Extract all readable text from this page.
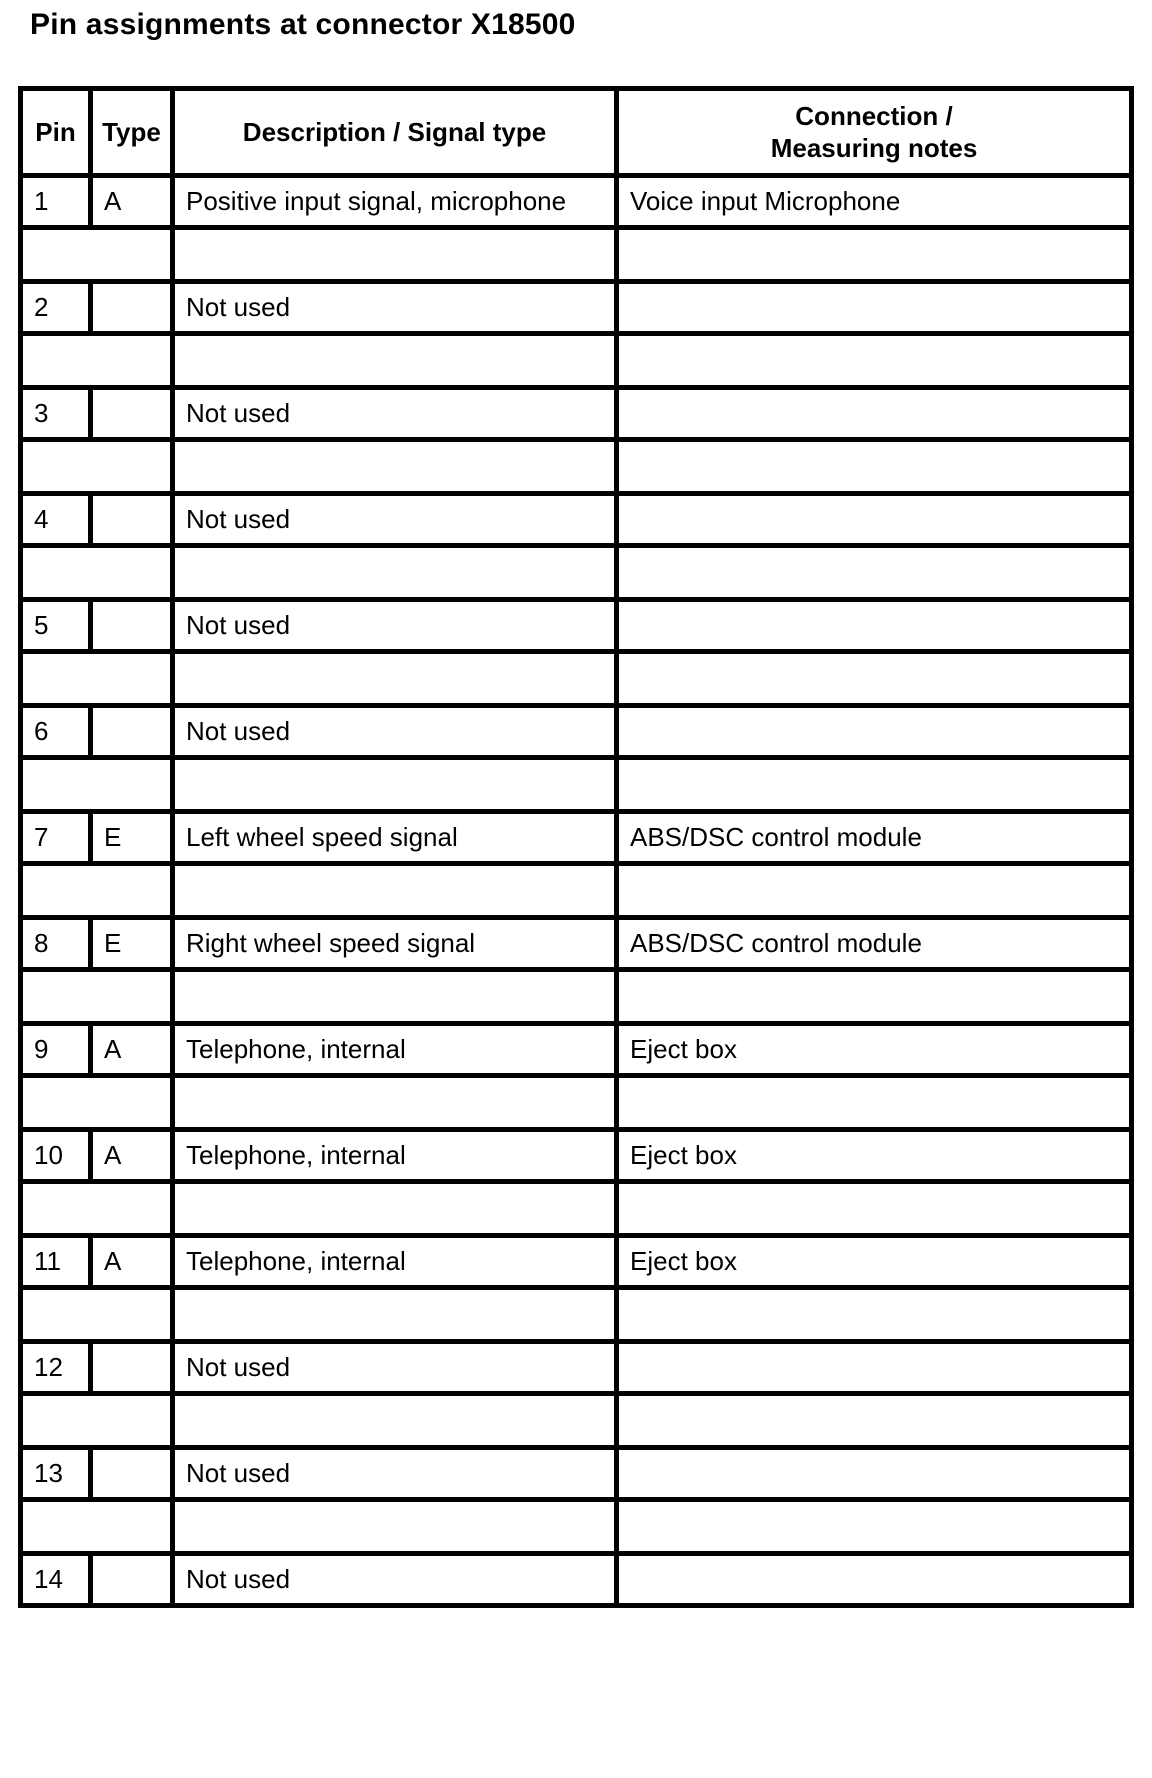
Pin assignments at connector X18500
Pin	Type	Description / Signal type	Connection /
Measuring notes
1	A	Positive input signal, microphone	Voice input Microphone

2		Not used	

3		Not used	

4		Not used	

5		Not used	

6		Not used	

7	E	Left wheel speed signal	ABS/DSC control module

8	E	Right wheel speed signal	ABS/DSC control module

9	A	Telephone, internal	Eject box

10	A	Telephone, internal	Eject box

11	A	Telephone, internal	Eject box

12		Not used	

13		Not used	

14		Not used	
